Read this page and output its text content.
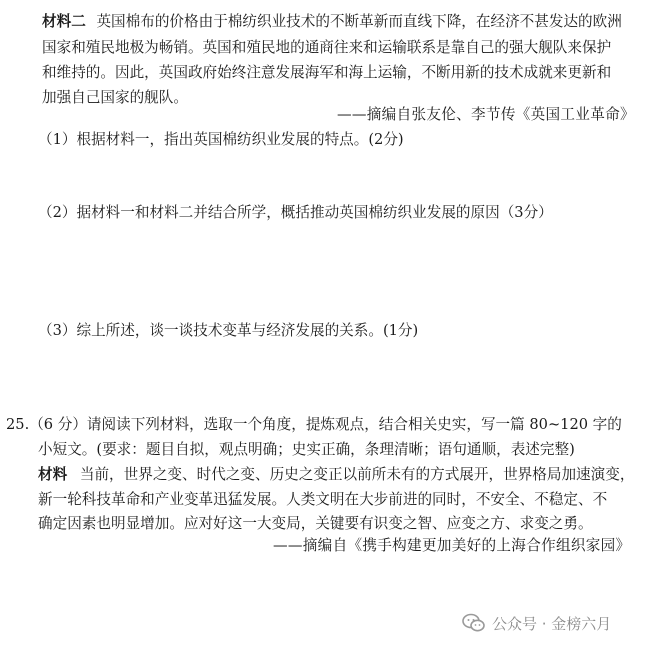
材料二 英国棉布的价格由于棉纺织业技术的不断革新而直线下降，在经济不甚发达的欧洲
国家和殖民地极为畅销。英国和殖民地的通商往来和运输联系是靠自己的强大舰队来保护
和维持的。因此，英国政府始终注意发展海军和海上运输，不断用新的技术成就来更新和
加强自己国家的舰队。
——摘编自张友伦、李节传《英国工业革命》
（1）根据材料一，指出英国棉纺织业发展的特点。(2分)
（2）据材料一和材料二并结合所学，概括推动英国棉纺织业发展的原因（3分）
（3）综上所述，谈一谈技术变革与经济发展的关系。(1分)
25.（6 分）请阅读下列材料，选取一个角度，提炼观点，结合相关史实，写一篇 80~120 字的
小短文。(要求：题目自拟，观点明确；史实正确，条理清晰；语句通顺，表述完整)
材料 当前，世界之变、时代之变、历史之变正以前所未有的方式展开，世界格局加速演变，
新一轮科技革命和产业变革迅猛发展。人类文明在大步前进的同时，不安全、不稳定、不
确定因素也明显增加。应对好这一大变局，关键要有识变之智、应变之方、求变之勇。
——摘编自《携手构建更加美好的上海合作组织家园》
公众号 · 金榜六月
